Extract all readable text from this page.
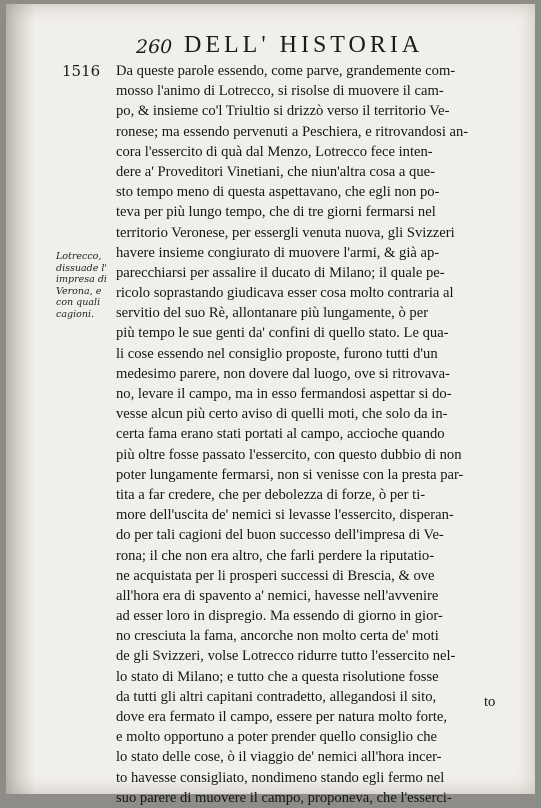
260 DELL' HISTORIA
1516
Lotrecco,
dissuade l'
impresa di
Verona, e
con quali
cagioni.
Da queste parole essendo, come parve, grandemente com-
mosso l'animo di Lotrecco, si risolse di muovere il cam-
po, & insieme co'l Triultio si drizzò verso il territorio Ve-
ronese; ma essendo pervenuti a Peschiera, e ritrovandosi an-
cora l'essercito di quà dal Menzo, Lotrecco fece inten-
dere a' Proveditori Vinetiani, che niun'altra cosa a que-
sto tempo meno di questa aspettavano, che egli non po-
teva per più lungo tempo, che di tre giorni fermarsi nel
territorio Veronese, per essergli venuta nuova, gli Svizzeri
havere insieme congiurato di muovere l'armi, & già ap-
parecchiarsi per assalire il ducato di Milano; il quale pe-
ricolo soprastando giudicava esser cosa molto contraria al
servitio del suo Rè, allontanare più lungamente, ò per
più tempo le sue genti da' confini di quello stato. Le qua-
li cose essendo nel consiglio proposte, furono tutti d'un
medesimo parere, non dovere dal luogo, ove si ritrovava-
no, levare il campo, ma in esso fermandosi aspettar si do-
vesse alcun più certo aviso di quelli moti, che solo da in-
certa fama erano stati portati al campo, accioche quando
più oltre fosse passato l'essercito, con questo dubbio di non
poter lungamente fermarsi, non si venisse con la presta par-
tita a far credere, che per debolezza di forze, ò per ti-
more dell'uscita de' nemici si levasse l'essercito, disperan-
do per tali cagioni del buon successo dell'impresa di Ve-
rona; il che non era altro, che farli perdere la riputatio-
ne acquistata per li prosperi successi di Brescia, & ove
all'hora era di spavento a' nemici, havesse nell'avvenire
ad esser loro in dispregio. Ma essendo di giorno in gior-
no cresciuta la fama, ancorche non molto certa de' moti
de gli Svizzeri, volse Lotrecco ridurre tutto l'essercito nel-
lo stato di Milano; e tutto che a questa risolutione fosse
da tutti gli altri capitani contradetto, allegandosi il sito,
dove era fermato il campo, essere per natura molto forte,
e molto opportuno a poter prender quello consiglio che
lo stato delle cose, ò il viaggio de' nemici all'hora incer-
to havesse consigliato, nondimeno stando egli fermo nel
suo parere di muovere il campo, proponeva, che l'esserci-
to
